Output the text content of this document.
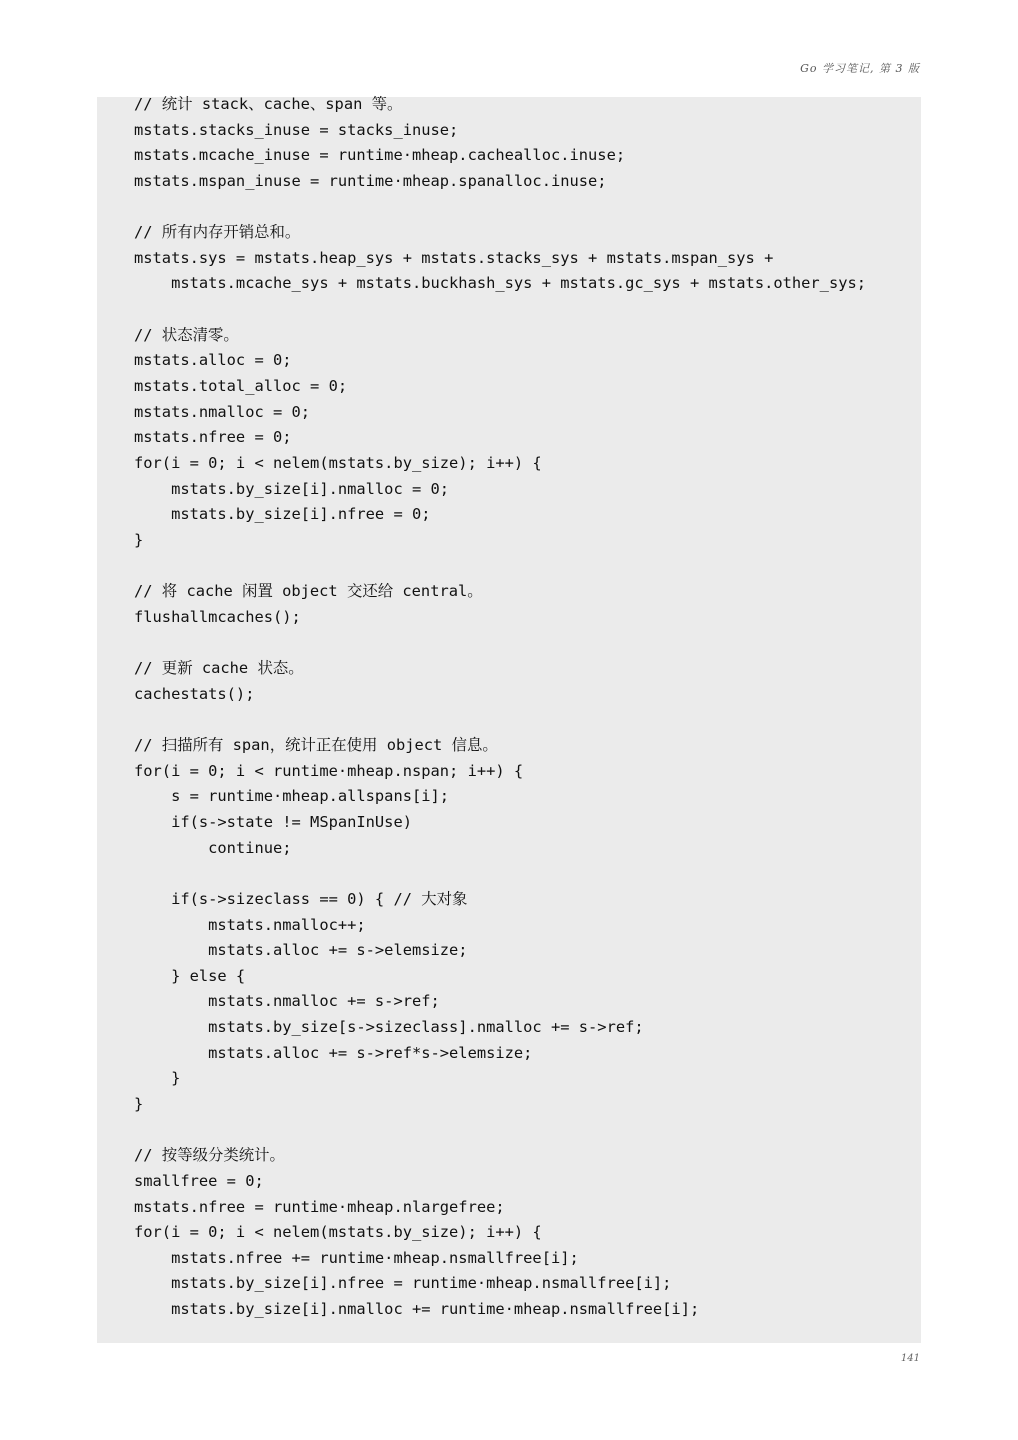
Go 学习笔记, 第 3 版
// 统计 stack、cache、span 等。
mstats.stacks_inuse = stacks_inuse;
mstats.mcache_inuse = runtime·mheap.cachealloc.inuse;
mstats.mspan_inuse = runtime·mheap.spanalloc.inuse;
// 所有内存开销总和。
mstats.sys = mstats.heap_sys + mstats.stacks_sys + mstats.mspan_sys +
mstats.mcache_sys + mstats.buckhash_sys + mstats.gc_sys + mstats.other_sys;
// 状态清零。
mstats.alloc = 0;
mstats.total_alloc = 0;
mstats.nmalloc = 0;
mstats.nfree = 0;
for(i = 0; i < nelem(mstats.by_size); i++) {
mstats.by_size[i].nmalloc = 0;
mstats.by_size[i].nfree = 0;
}
// 将 cache 闲置 object 交还给 central。
flushallmcaches();
// 更新 cache 状态。
cachestats();
// 扫描所有 span，统计正在使用 object 信息。
for(i = 0; i < runtime·mheap.nspan; i++) {
s = runtime·mheap.allspans[i];
if(s->state != MSpanInUse)
continue;
if(s->sizeclass == 0) { // 大对象
mstats.nmalloc++;
mstats.alloc += s->elemsize;
} else {
mstats.nmalloc += s->ref;
mstats.by_size[s->sizeclass].nmalloc += s->ref;
mstats.alloc += s->ref*s->elemsize;
}
}
// 按等级分类统计。
smallfree = 0;
mstats.nfree = runtime·mheap.nlargefree;
for(i = 0; i < nelem(mstats.by_size); i++) {
mstats.nfree += runtime·mheap.nsmallfree[i];
mstats.by_size[i].nfree = runtime·mheap.nsmallfree[i];
mstats.by_size[i].nmalloc += runtime·mheap.nsmallfree[i];
141
